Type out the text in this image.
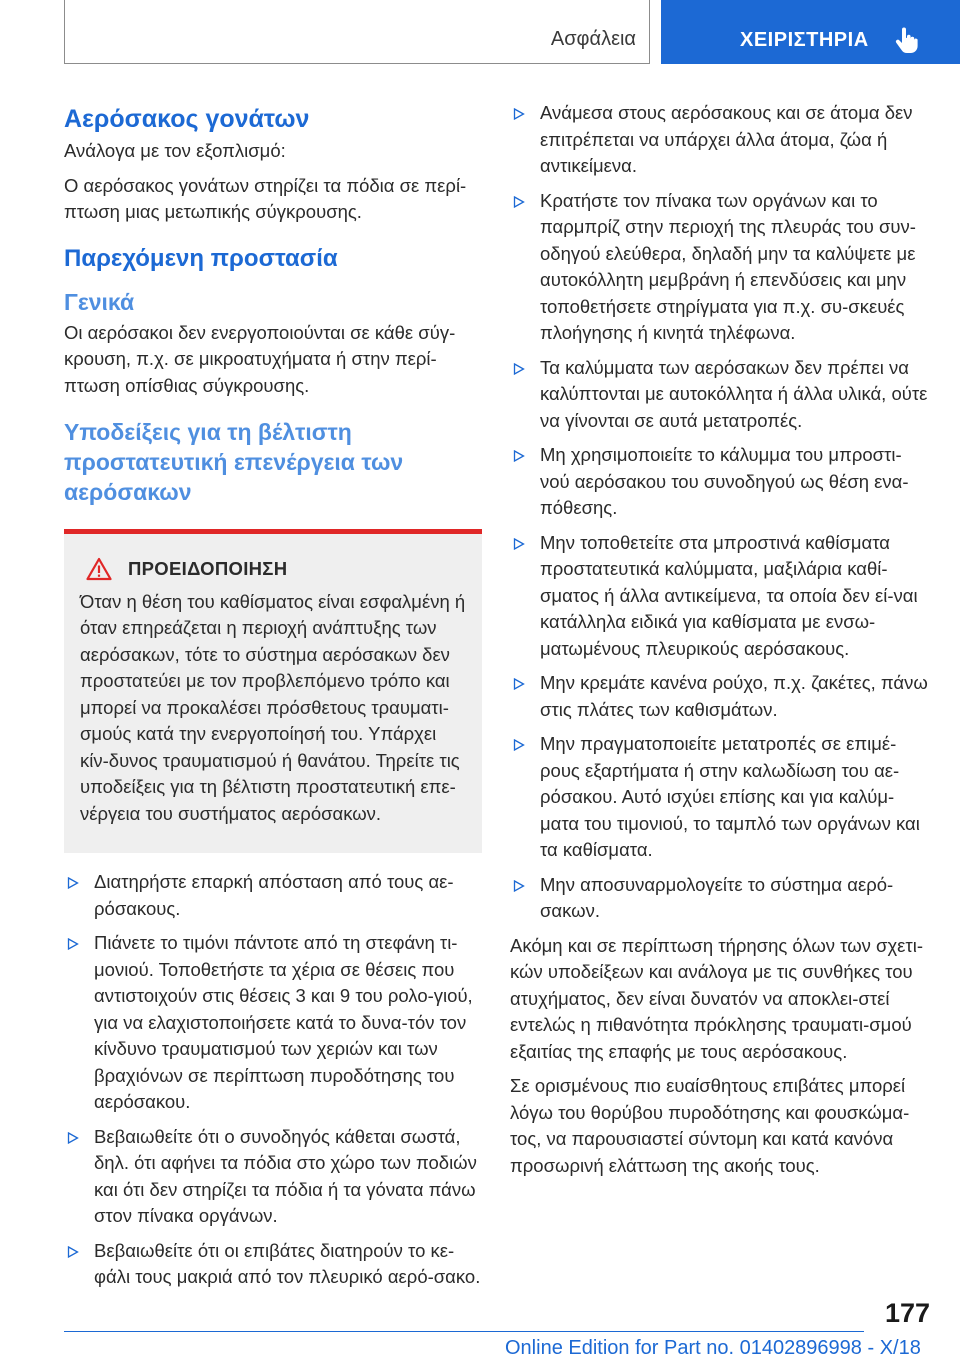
Ασφάλεια	ΧΕΙΡΙΣΤΗΡΙΑ
Αερόσακος γονάτων

Ανάλογα με τον εξοπλισμό:

Ο αερόσακος γονάτων στηρίζει τα πόδια σε περί-πτωση μιας μετωπικής σύγκρουσης.

Παρεχόμενη προστασία
Γενικά

Οι αερόσακοι δεν ενεργοποιούνται σε κάθε σύγ-κρουση, π.χ. σε μικροατυχήματα ή στην περί-πτωση οπίσθιας σύγκρουσης.

Υποδείξεις για τη βέλτιστη προστατευτική επενέργεια των αερόσακων
ΠΡΟΕΙΔΟΠΟΙΗΣΗ

Όταν η θέση του καθίσματος είναι εσφαλμένη ή όταν επηρεάζεται η περιοχή ανάπτυξης των αερόσακων, τότε το σύστημα αερόσακων δεν προστατεύει με τον προβλεπόμενο τρόπο και μπορεί να προκαλέσει πρόσθετους τραυματι-σμούς κατά την ενεργοποίησή του. Υπάρχει κίν-δυνος τραυματισμού ή θανάτου. Τηρείτε τις υποδείξεις για τη βέλτιστη προστατευτική επε-νέργεια του συστήματος αερόσακων.

Διατηρήστε επαρκή απόσταση από τους αε-ρόσακους.
Πιάνετε το τιμόνι πάντοτε από τη στεφάνη τι-μονιού. Τοποθετήστε τα χέρια σε θέσεις που αντιστοιχούν στις θέσεις 3 και 9 του ρολο-γιού, για να ελαχιστοποιήσετε κατά το δυνα-τόν τον κίνδυνο τραυματισμού των χεριών και των βραχιόνων σε περίπτωση πυροδότησης του αερόσακου.
Βεβαιωθείτε ότι ο συνοδηγός κάθεται σωστά, δηλ. ότι αφήνει τα πόδια στο χώρο των ποδιών και ότι δεν στηρίζει τα πόδια ή τα γόνατα πάνω στον πίνακα οργάνων.
Βεβαιωθείτε ότι οι επιβάτες διατηρούν το κε-φάλι τους μακριά από τον πλευρικό αερό-σακο.
Ανάμεσα στους αερόσακους και σε άτομα δεν επιτρέπεται να υπάρχει άλλα άτομα, ζώα ή αντικείμενα.
Κρατήστε τον πίνακα των οργάνων και το παρμπρίζ στην περιοχή της πλευράς του συν-οδηγού ελεύθερα, δηλαδή μην τα καλύψετε με αυτοκόλλητη μεμβράνη ή επενδύσεις και μην τοποθετήσετε στηρίγματα για π.χ. συ-σκευές πλοήγησης ή κινητά τηλέφωνα.
Τα καλύμματα των αερόσακων δεν πρέπει να καλύπτονται με αυτοκόλλητα ή άλλα υλικά, ούτε να γίνονται σε αυτά μετατροπές.
Μη χρησιμοποιείτε το κάλυμμα του μπροστι-νού αερόσακου του συνοδηγού ως θέση ενα-πόθεσης.
Μην τοποθετείτε στα μπροστινά καθίσματα προστατευτικά καλύμματα, μαξιλάρια καθί-σματος ή άλλα αντικείμενα, τα οποία δεν εί-ναι κατάλληλα ειδικά για καθίσματα με ενσω-ματωμένους πλευρικούς αερόσακους.
Μην κρεμάτε κανένα ρούχο, π.χ. ζακέτες, πάνω στις πλάτες των καθισμάτων.
Μην πραγματοποιείτε μετατροπές σε επιμέ-ρους εξαρτήματα ή στην καλωδίωση του αε-ρόσακου. Αυτό ισχύει επίσης και για καλύμ-ματα του τιμονιού, το ταμπλό των οργάνων και τα καθίσματα.
Μην αποσυναρμολογείτε το σύστημα αερό-σακων.

Ακόμη και σε περίπτωση τήρησης όλων των σχετι-κών υποδείξεων και ανάλογα με τις συνθήκες του ατυχήματος, δεν είναι δυνατόν να αποκλει-στεί εντελώς η πιθανότητα πρόκλησης τραυματι-σμού εξαιτίας της επαφής με τους αερόσακους.

Σε ορισμένους πιο ευαίσθητους επιβάτες μπορεί λόγω του θορύβου πυροδότησης και φουσκώμα-τος, να παρουσιαστεί σύντομη και κατά κανόνα προσωρινή ελάττωση της ακοής τους.

177
Online Edition for Part no. 01402896998 - X/18
